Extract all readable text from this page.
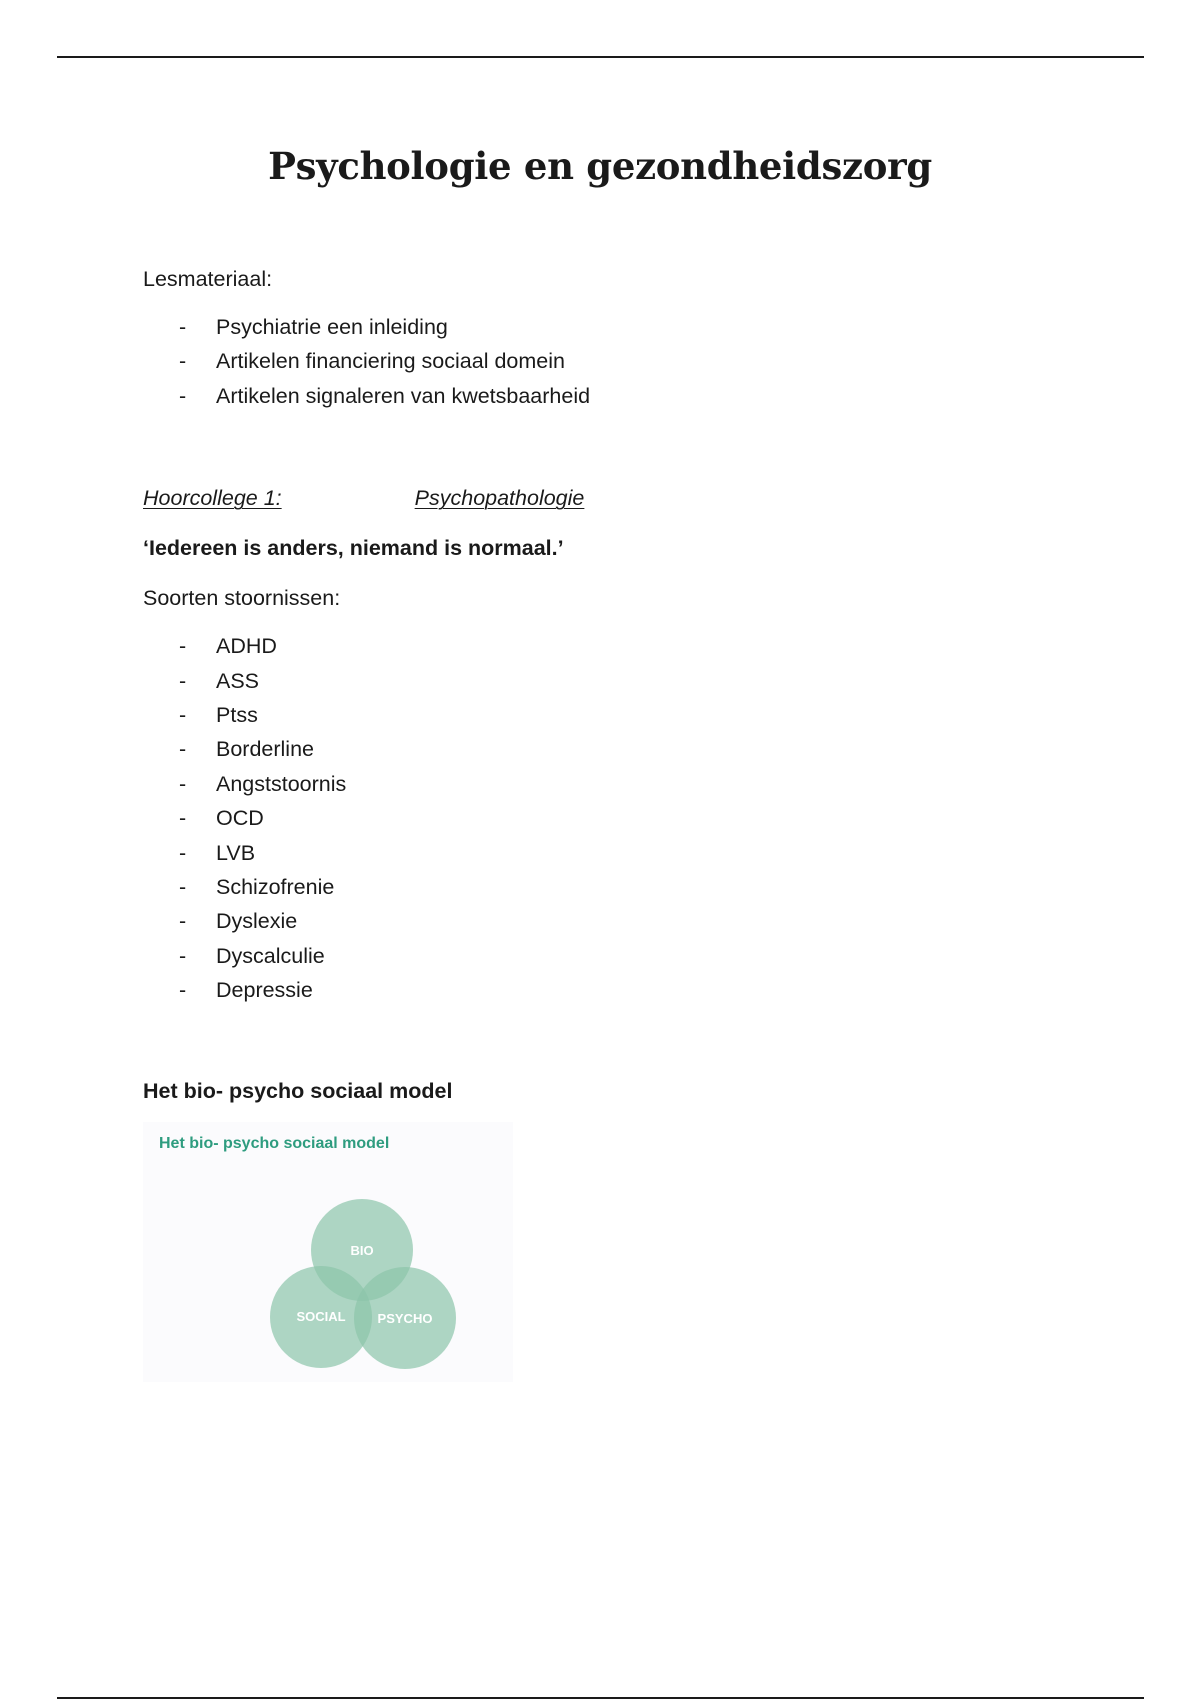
Psychologie en gezondheidszorg

Lesmateriaal:

- Psychiatrie een inleiding
- Artikelen financiering sociaal domein
- Artikelen signaleren van kwetsbaarheid

Hoorcollege 1:	Psychopathologie

‘Iedereen is anders, niemand is normaal.’

Soorten stoornissen:

- ADHD
- ASS
- Ptss
- Borderline
- Angststoornis
- OCD
- LVB
- Schizofrenie
- Dyslexie
- Dyscalculie
- Depressie

Het bio- psycho sociaal model

Het bio- psycho sociaal model
BIO
SOCIAL PSYCHO
